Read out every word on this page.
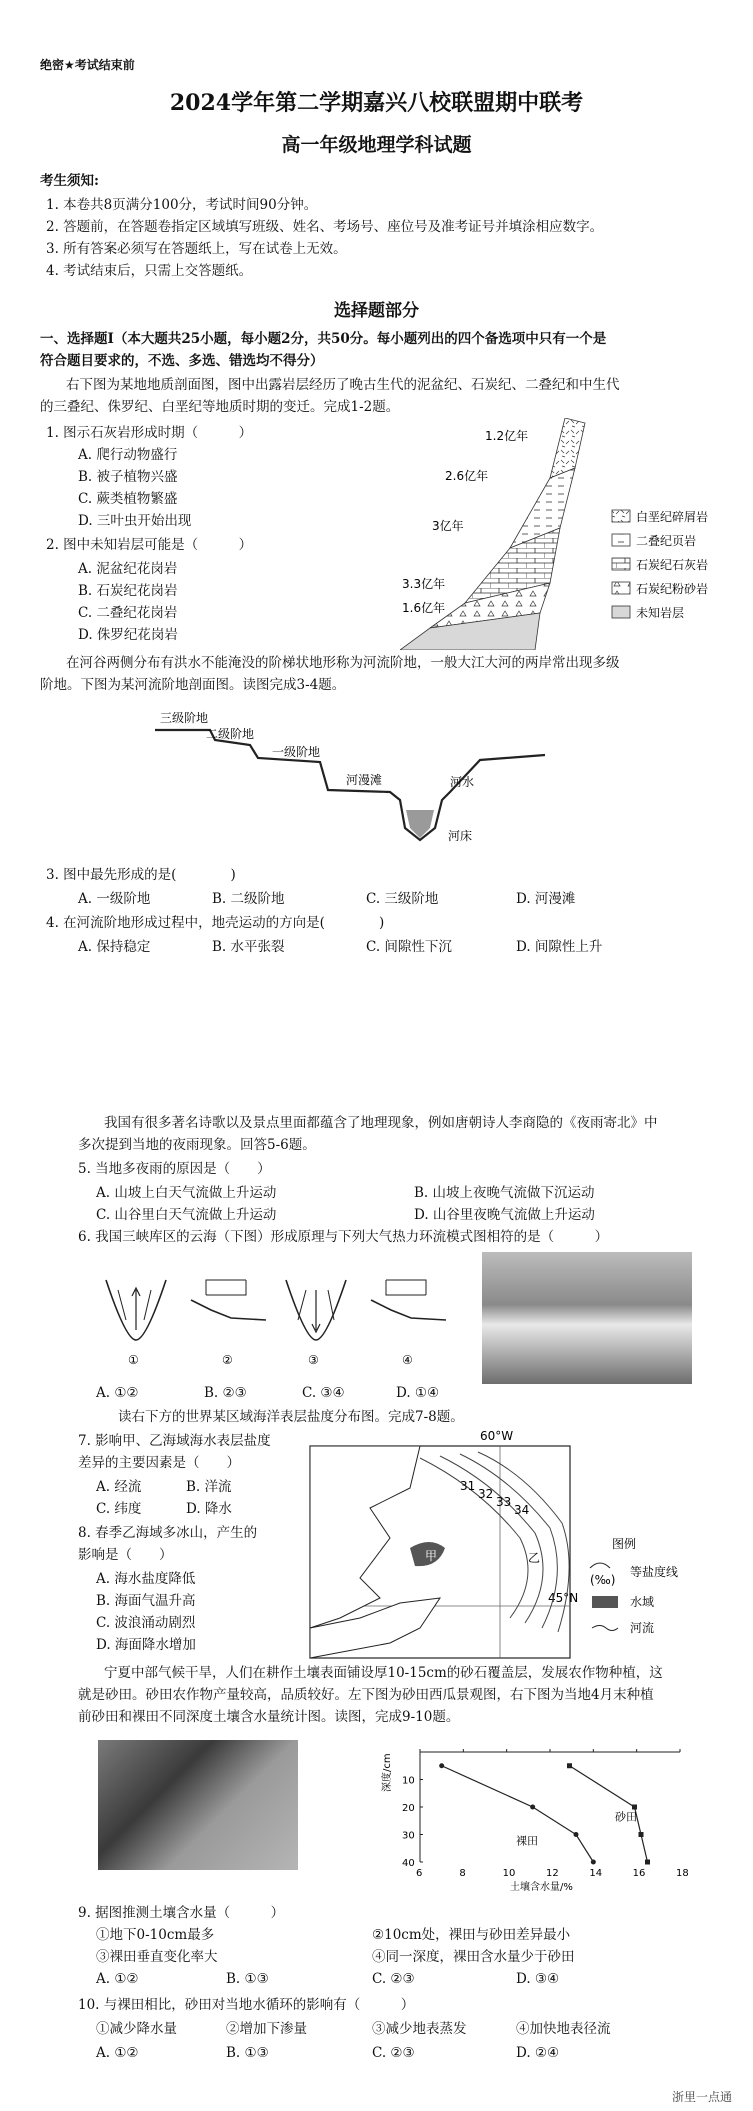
绝密★考试结束前
2024学年第二学期嘉兴八校联盟期中联考
高一年级地理学科试题
考生须知:
1. 本卷共8页满分100分，考试时间90分钟。
2. 答题前，在答题卷指定区域填写班级、姓名、考场号、座位号及准考证号并填涂相应数字。
3. 所有答案必须写在答题纸上，写在试卷上无效。
4. 考试结束后，只需上交答题纸。
选择题部分
一、选择题Ⅰ（本大题共25小题，每小题2分，共50分。每小题列出的四个备选项中只有一个是
符合题目要求的，不选、多选、错选均不得分）
右下图为某地地质剖面图，图中出露岩层经历了晚古生代的泥盆纪、石炭纪、二叠纪和中生代
的三叠纪、侏罗纪、白垩纪等地质时期的变迁。完成1-2题。
1. 图示石灰岩形成时期（　　　）
A. 爬行动物盛行
B. 被子植物兴盛
C. 蕨类植物繁盛
D. 三叶虫开始出现
2. 图中未知岩层可能是（　　　）
A. 泥盆纪花岗岩
B. 石炭纪花岗岩
C. 二叠纪花岗岩
D. 侏罗纪花岗岩
1.2亿年
2.6亿年
3亿年
3.3亿年
1.6亿年
白垩纪碎屑岩
二叠纪页岩
石炭纪石灰岩
石炭纪粉砂岩
未知岩层
在河谷两侧分布有洪水不能淹没的阶梯状地形称为河流阶地，一般大江大河的两岸常出现多级
阶地。下图为某河流阶地剖面图。读图完成3-4题。
三级阶地
二级阶地
一级阶地
河漫滩	河水
河床
3. 图中最先形成的是(　　　　)
A. 一级阶地	B. 二级阶地	C. 三级阶地	D. 河漫滩
4. 在河流阶地形成过程中，地壳运动的方向是(　　　　)
A. 保持稳定	B. 水平张裂	C. 间隙性下沉	D. 间隙性上升
我国有很多著名诗歌以及景点里面都蕴含了地理现象，例如唐朝诗人李商隐的《夜雨寄北》中
多次提到当地的夜雨现象。回答5-6题。
5. 当地多夜雨的原因是（　　）
A. 山坡上白天气流做上升运动	B. 山坡上夜晚气流做下沉运动
C. 山谷里白天气流做上升运动	D. 山谷里夜晚气流做上升运动
6. 我国三峡库区的云海（下图）形成原理与下列大气热力环流模式图相符的是（　　　）
①	②	③	④
A. ①②	B. ②③	C. ③④	D. ①④
读右下方的世界某区域海洋表层盐度分布图。完成7-8题。
7. 影响甲、乙海域海水表层盐度
差异的主要因素是（　　）
A. 经流	B. 洋流
C. 纬度	D. 降水
8. 春季乙海域多冰山，产生的
影响是（　　）
A. 海水盐度降低
B. 海面气温升高
C. 波浪涌动剧烈
D. 海面降水增加
60°W
45°N
31
32
33
34
甲	乙
图例
(‰)
等盐度线
水域
河流
宁夏中部气候干旱，人们在耕作土壤表面铺设厚10-15cm的砂石覆盖层，发展农作物种植，这
就是砂田。砂田农作物产量较高，品质较好。左下图为砂田西瓜景观图，右下图为当地4月末种植
前砂田和裸田不同深度土壤含水量统计图。读图，完成9-10题。
6	8	10	12	14	16	18
10
20
30
40
裸田
砂田
土壤含水量/%
深度/cm
9. 据图推测土壤含水量（　　　）
①地下0-10cm最多	②10cm处，裸田与砂田差异最小
③裸田垂直变化率大	④同一深度，裸田含水量少于砂田
A. ①②	B. ①③	C. ②③	D. ③④
10. 与裸田相比，砂田对当地水循环的影响有（　　　）
①减少降水量	②增加下渗量	③减少地表蒸发	④加快地表径流
A. ①②	B. ①③	C. ②③	D. ②④
浙里一点通
